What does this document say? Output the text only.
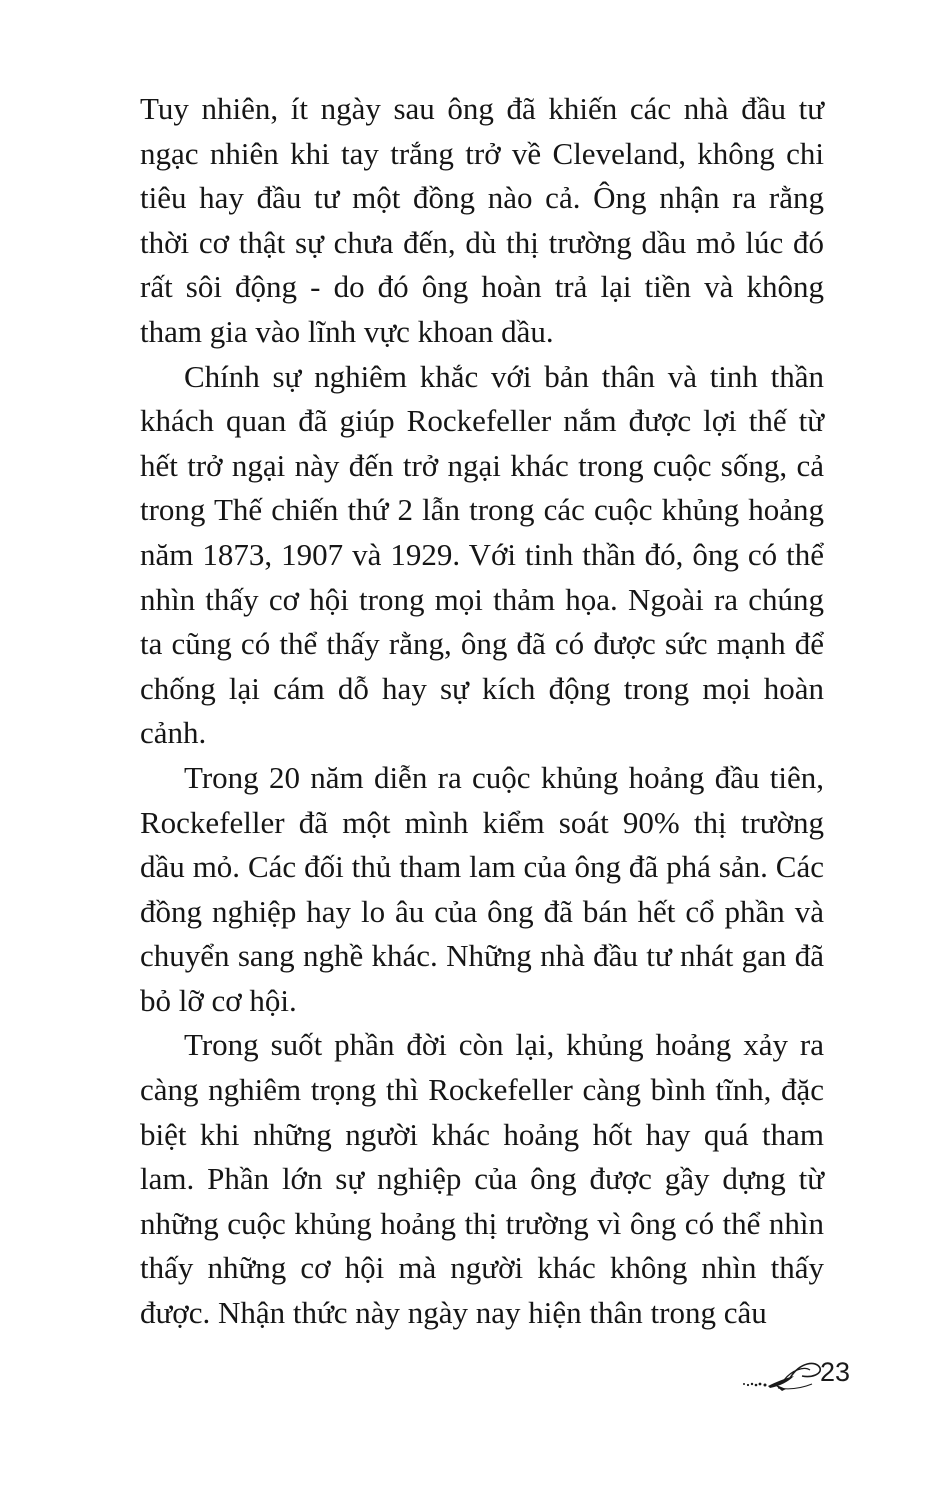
Tuy nhiên, ít ngày sau ông đã khiến các nhà đầu tư ngạc nhiên khi tay trắng trở về Cleveland, không chi tiêu hay đầu tư một đồng nào cả. Ông nhận ra rằng thời cơ thật sự chưa đến, dù thị trường dầu mỏ lúc đó rất sôi động - do đó ông hoàn trả lại tiền và không tham gia vào lĩnh vực khoan dầu.

Chính sự nghiêm khắc với bản thân và tinh thần khách quan đã giúp Rockefeller nắm được lợi thế từ hết trở ngại này đến trở ngại khác trong cuộc sống, cả trong Thế chiến thứ 2 lẫn trong các cuộc khủng hoảng năm 1873, 1907 và 1929. Với tinh thần đó, ông có thể nhìn thấy cơ hội trong mọi thảm họa. Ngoài ra chúng ta cũng có thể thấy rằng, ông đã có được sức mạnh để chống lại cám dỗ hay sự kích động trong mọi hoàn cảnh.

Trong 20 năm diễn ra cuộc khủng hoảng đầu tiên, Rockefeller đã một mình kiểm soát 90% thị trường dầu mỏ. Các đối thủ tham lam của ông đã phá sản. Các đồng nghiệp hay lo âu của ông đã bán hết cổ phần và chuyển sang nghề khác. Những nhà đầu tư nhát gan đã bỏ lỡ cơ hội.

Trong suốt phần đời còn lại, khủng hoảng xảy ra càng nghiêm trọng thì Rockefeller càng bình tĩnh, đặc biệt khi những người khác hoảng hốt hay quá tham lam. Phần lớn sự nghiệp của ông được gầy dựng từ những cuộc khủng hoảng thị trường vì ông có thể nhìn thấy những cơ hội mà người khác không nhìn thấy được. Nhận thức này ngày nay hiện thân trong câu

23
